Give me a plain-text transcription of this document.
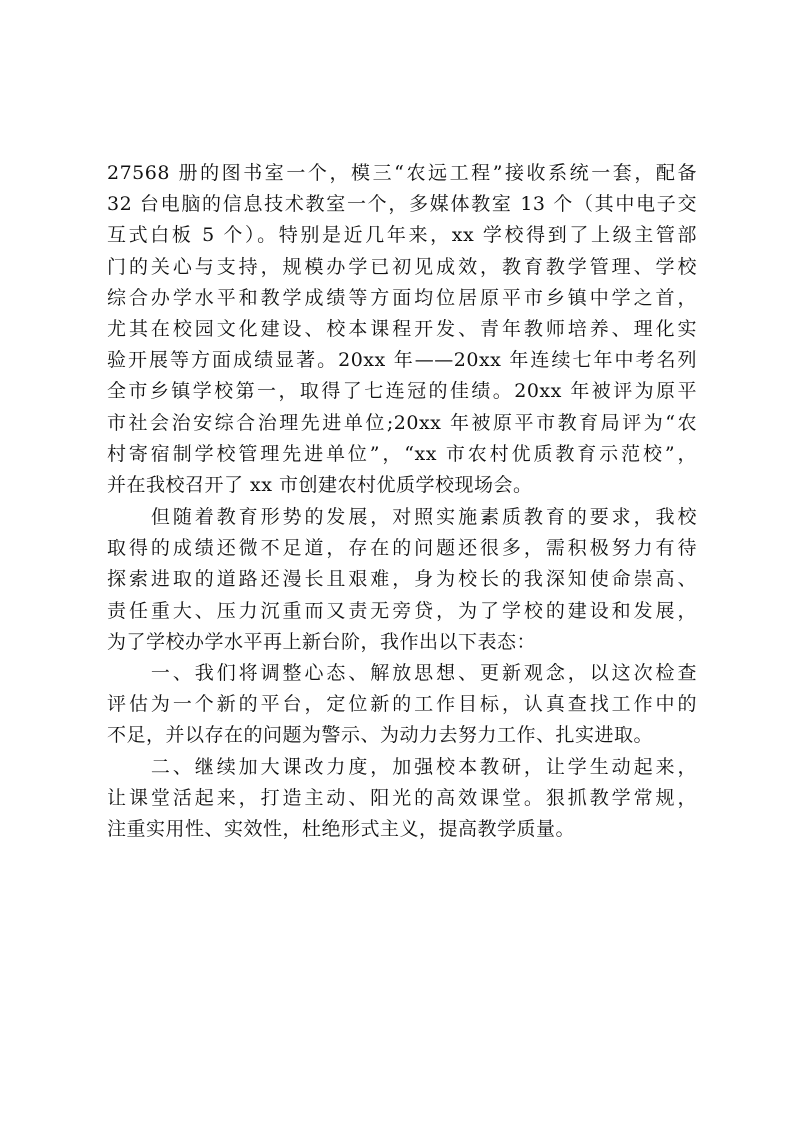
27568 册的图书室一个，模三“农远工程”接收系统一套，配备
32 台电脑的信息技术教室一个，多媒体教室 13 个（其中电子交
互式白板 5 个）。特别是近几年来，xx 学校得到了上级主管部
门的关心与支持，规模办学已初见成效，教育教学管理、学校
综合办学水平和教学成绩等方面均位居原平市乡镇中学之首，
尤其在校园文化建设、校本课程开发、青年教师培养、理化实
验开展等方面成绩显著。20xx 年——20xx 年连续七年中考名列
全市乡镇学校第一，取得了七连冠的佳绩。20xx 年被评为原平
市社会治安综合治理先进单位;20xx 年被原平市教育局评为“农
村寄宿制学校管理先进单位”，“xx 市农村优质教育示范校”，
并在我校召开了 xx 市创建农村优质学校现场会。
　　但随着教育形势的发展，对照实施素质教育的要求，我校
取得的成绩还微不足道，存在的问题还很多，需积极努力有待
探索进取的道路还漫长且艰难，身为校长的我深知使命崇高、
责任重大、压力沉重而又责无旁贷，为了学校的建设和发展，
为了学校办学水平再上新台阶，我作出以下表态：
　　一、我们将调整心态、解放思想、更新观念，以这次检查
评估为一个新的平台，定位新的工作目标，认真查找工作中的
不足，并以存在的问题为警示、为动力去努力工作、扎实进取。
　　二、继续加大课改力度，加强校本教研，让学生动起来，
让课堂活起来，打造主动、阳光的高效课堂。狠抓教学常规，
注重实用性、实效性，杜绝形式主义，提高教学质量。
